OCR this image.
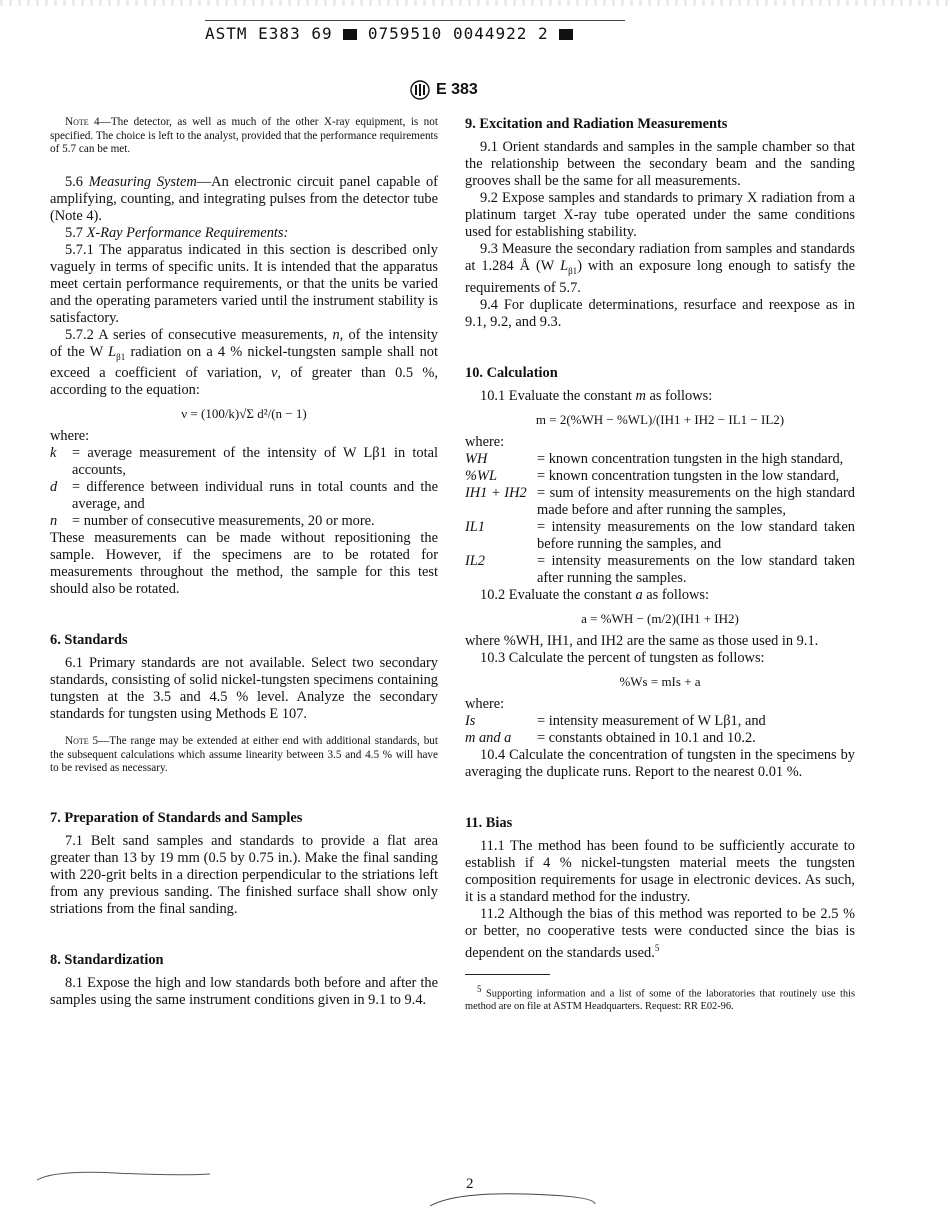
ASTM E383 69 0759510 0044922 2
E 383

Note 4—The detector, as well as much of the other X-ray equipment, is not specified. The choice is left to the analyst, provided that the performance requirements of 5.7 can be met.

5.6 Measuring System—An electronic circuit panel capable of amplifying, counting, and integrating pulses from the detector tube (Note 4).

5.7 X-Ray Performance Requirements:

5.7.1 The apparatus indicated in this section is described only vaguely in terms of specific units. It is intended that the apparatus meet certain performance requirements, or that the units be varied and the operating parameters varied until the instrument stability is satisfactory.

5.7.2 A series of consecutive measurements, n, of the intensity of the W $L_{\beta 1}$ radiation on a 4 % nickel-tungsten sample shall not exceed a coefficient of variation, ν, of greater than 0.5 %, according to the equation:

ν = (100/k)√Σ d²/(n − 1)

where:

k	= average measurement of the intensity of W Lβ1 in total accounts,
d	= difference between individual runs in total counts and the average, and
n	= number of consecutive measurements, 20 or more.

These measurements can be made without repositioning the sample. However, if the specimens are to be rotated for measurements throughout the method, the sample for this test should also be rotated.

6. Standards

6.1 Primary standards are not available. Select two secondary standards, consisting of solid nickel-tungsten specimens containing tungsten at the 3.5 and 4.5 % level. Analyze the secondary standards for tungsten using Methods E 107.

Note 5—The range may be extended at either end with additional standards, but the subsequent calculations which assume linearity between 3.5 and 4.5 % will have to be revised as necessary.

7. Preparation of Standards and Samples

7.1 Belt sand samples and standards to provide a flat area greater than 13 by 19 mm (0.5 by 0.75 in.). Make the final sanding with 220-grit belts in a direction perpendicular to the striations left from any previous sanding. The finished surface shall show only striations from the final sanding.

8. Standardization

8.1 Expose the high and low standards both before and after the samples using the same instrument conditions given in 9.1 to 9.4.

9. Excitation and Radiation Measurements

9.1 Orient standards and samples in the sample chamber so that the relationship between the secondary beam and the sanding grooves shall be the same for all measurements.

9.2 Expose samples and standards to primary X radiation from a platinum target X-ray tube operated under the same conditions used for establishing stability.

9.3 Measure the secondary radiation from samples and standards at 1.284 Å (W $L_{\beta 1}$) with an exposure long enough to satisfy the requirements of 5.7.

9.4 For duplicate determinations, resurface and reexpose as in 9.1, 9.2, and 9.3.

10. Calculation

10.1 Evaluate the constant m as follows:

m = 2(%WH − %WL)/(IH1 + IH2 − IL1 − IL2)

where:

WH	= known concentration tungsten in the high standard,
%WL	= known concentration tungsten in the low standard,
IH1 + IH2 = sum of intensity measurements on the high standard made before and after running the samples,
IL1	= intensity measurements on the low standard taken before running the samples, and
IL2	= intensity measurements on the low standard taken after running the samples.

10.2 Evaluate the constant a as follows:

a = %WH − (m/2)(IH1 + IH2)

where %WH, IH1, and IH2 are the same as those used in 9.1.

10.3 Calculate the percent of tungsten as follows:

%Ws = mIs + a

where:

Is	= intensity measurement of W Lβ1, and
m and a	= constants obtained in 10.1 and 10.2.

10.4 Calculate the concentration of tungsten in the specimens by averaging the duplicate runs. Report to the nearest 0.01 %.

11. Bias

11.1 The method has been found to be sufficiently accurate to establish if 4 % nickel-tungsten material meets the tungsten composition requirements for usage in electronic devices. As such, it is a standard method for the industry.

11.2 Although the bias of this method was reported to be 2.5 % or better, no cooperative tests were conducted since the bias is dependent on the standards used.$^5$

5 Supporting information and a list of some of the laboratories that routinely use this method are on file at ASTM Headquarters. Request: RR E02-96.

2
